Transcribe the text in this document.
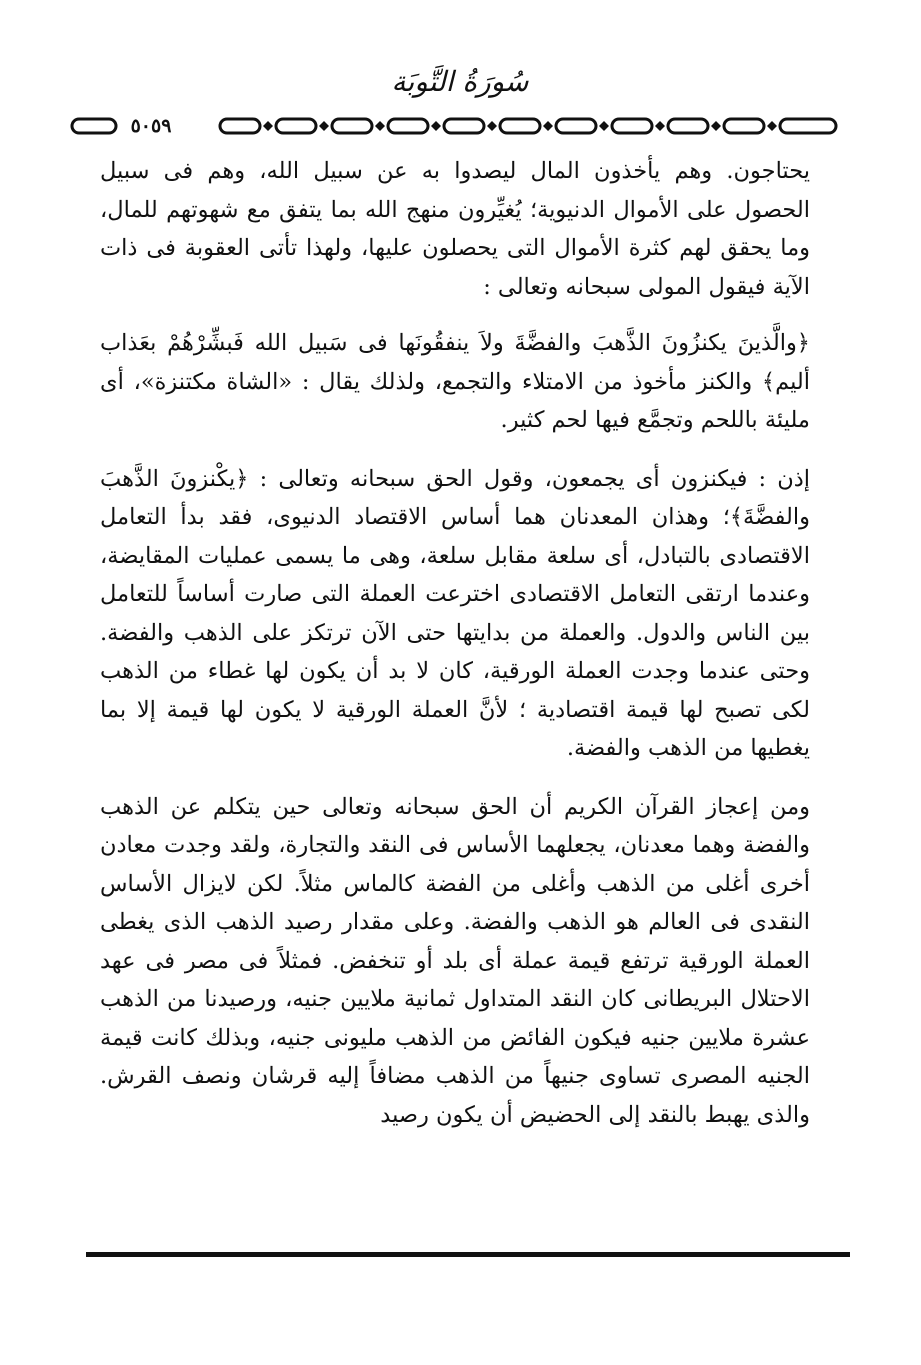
سُورَةُ التَّوبَة
٥٠٥٩

يحتاجون. وهم يأخذون المال ليصدوا به عن سبيل الله، وهم فى سبيل الحصول على الأموال الدنيوية؛ يُغيِّرون منهج الله بما يتفق مع شهوتهم للمال، وما يحقق لهم كثرة الأموال التى يحصلون عليها، ولهذا تأتى العقوبة فى ذات الآية فيقول المولى سبحانه وتعالى :

﴿والَّذينَ يكنزُونَ الذَّهبَ والفضَّةَ ولاَ ينفقُونَها فى سَبيل الله فَبشِّرْهُمْ بعَذاب أليم﴾ والكنز مأخوذ من الامتلاء والتجمع، ولذلك يقال : «الشاة مكتنزة»، أى مليئة باللحم وتجمَّع فيها لحم كثير.

إذن : فيكنزون أى يجمعون، وقول الحق سبحانه وتعالى : ﴿يكْنزونَ الذَّهبَ والفضَّةَ﴾؛ وهذان المعدنان هما أساس الاقتصاد الدنيوى، فقد بدأ التعامل الاقتصادى بالتبادل، أى سلعة مقابل سلعة، وهى ما يسمى عمليات المقايضة، وعندما ارتقى التعامل الاقتصادى اخترعت العملة التى صارت أساساً للتعامل بين الناس والدول. والعملة من بدايتها حتى الآن ترتكز على الذهب والفضة. وحتى عندما وجدت العملة الورقية، كان لا بد أن يكون لها غطاء من الذهب لكى تصبح لها قيمة اقتصادية ؛ لأنَّ العملة الورقية لا يكون لها قيمة إلا بما يغطيها من الذهب والفضة.

ومن إعجاز القرآن الكريم أن الحق سبحانه وتعالى حين يتكلم عن الذهب والفضة وهما معدنان، يجعلهما الأساس فى النقد والتجارة، ولقد وجدت معادن أخرى أغلى من الذهب وأغلى من الفضة كالماس مثلاً. لكن لايزال الأساس النقدى فى العالم هو الذهب والفضة. وعلى مقدار رصيد الذهب الذى يغطى العملة الورقية ترتفع قيمة عملة أى بلد أو تنخفض. فمثلاً فى مصر فى عهد الاحتلال البريطانى كان النقد المتداول ثمانية ملايين جنيه، ورصيدنا من الذهب عشرة ملايين جنيه فيكون الفائض من الذهب مليونى جنيه، وبذلك كانت قيمة الجنيه المصرى تساوى جنيهاً من الذهب مضافاً إليه قرشان ونصف القرش. والذى يهبط بالنقد إلى الحضيض أن يكون رصيد
